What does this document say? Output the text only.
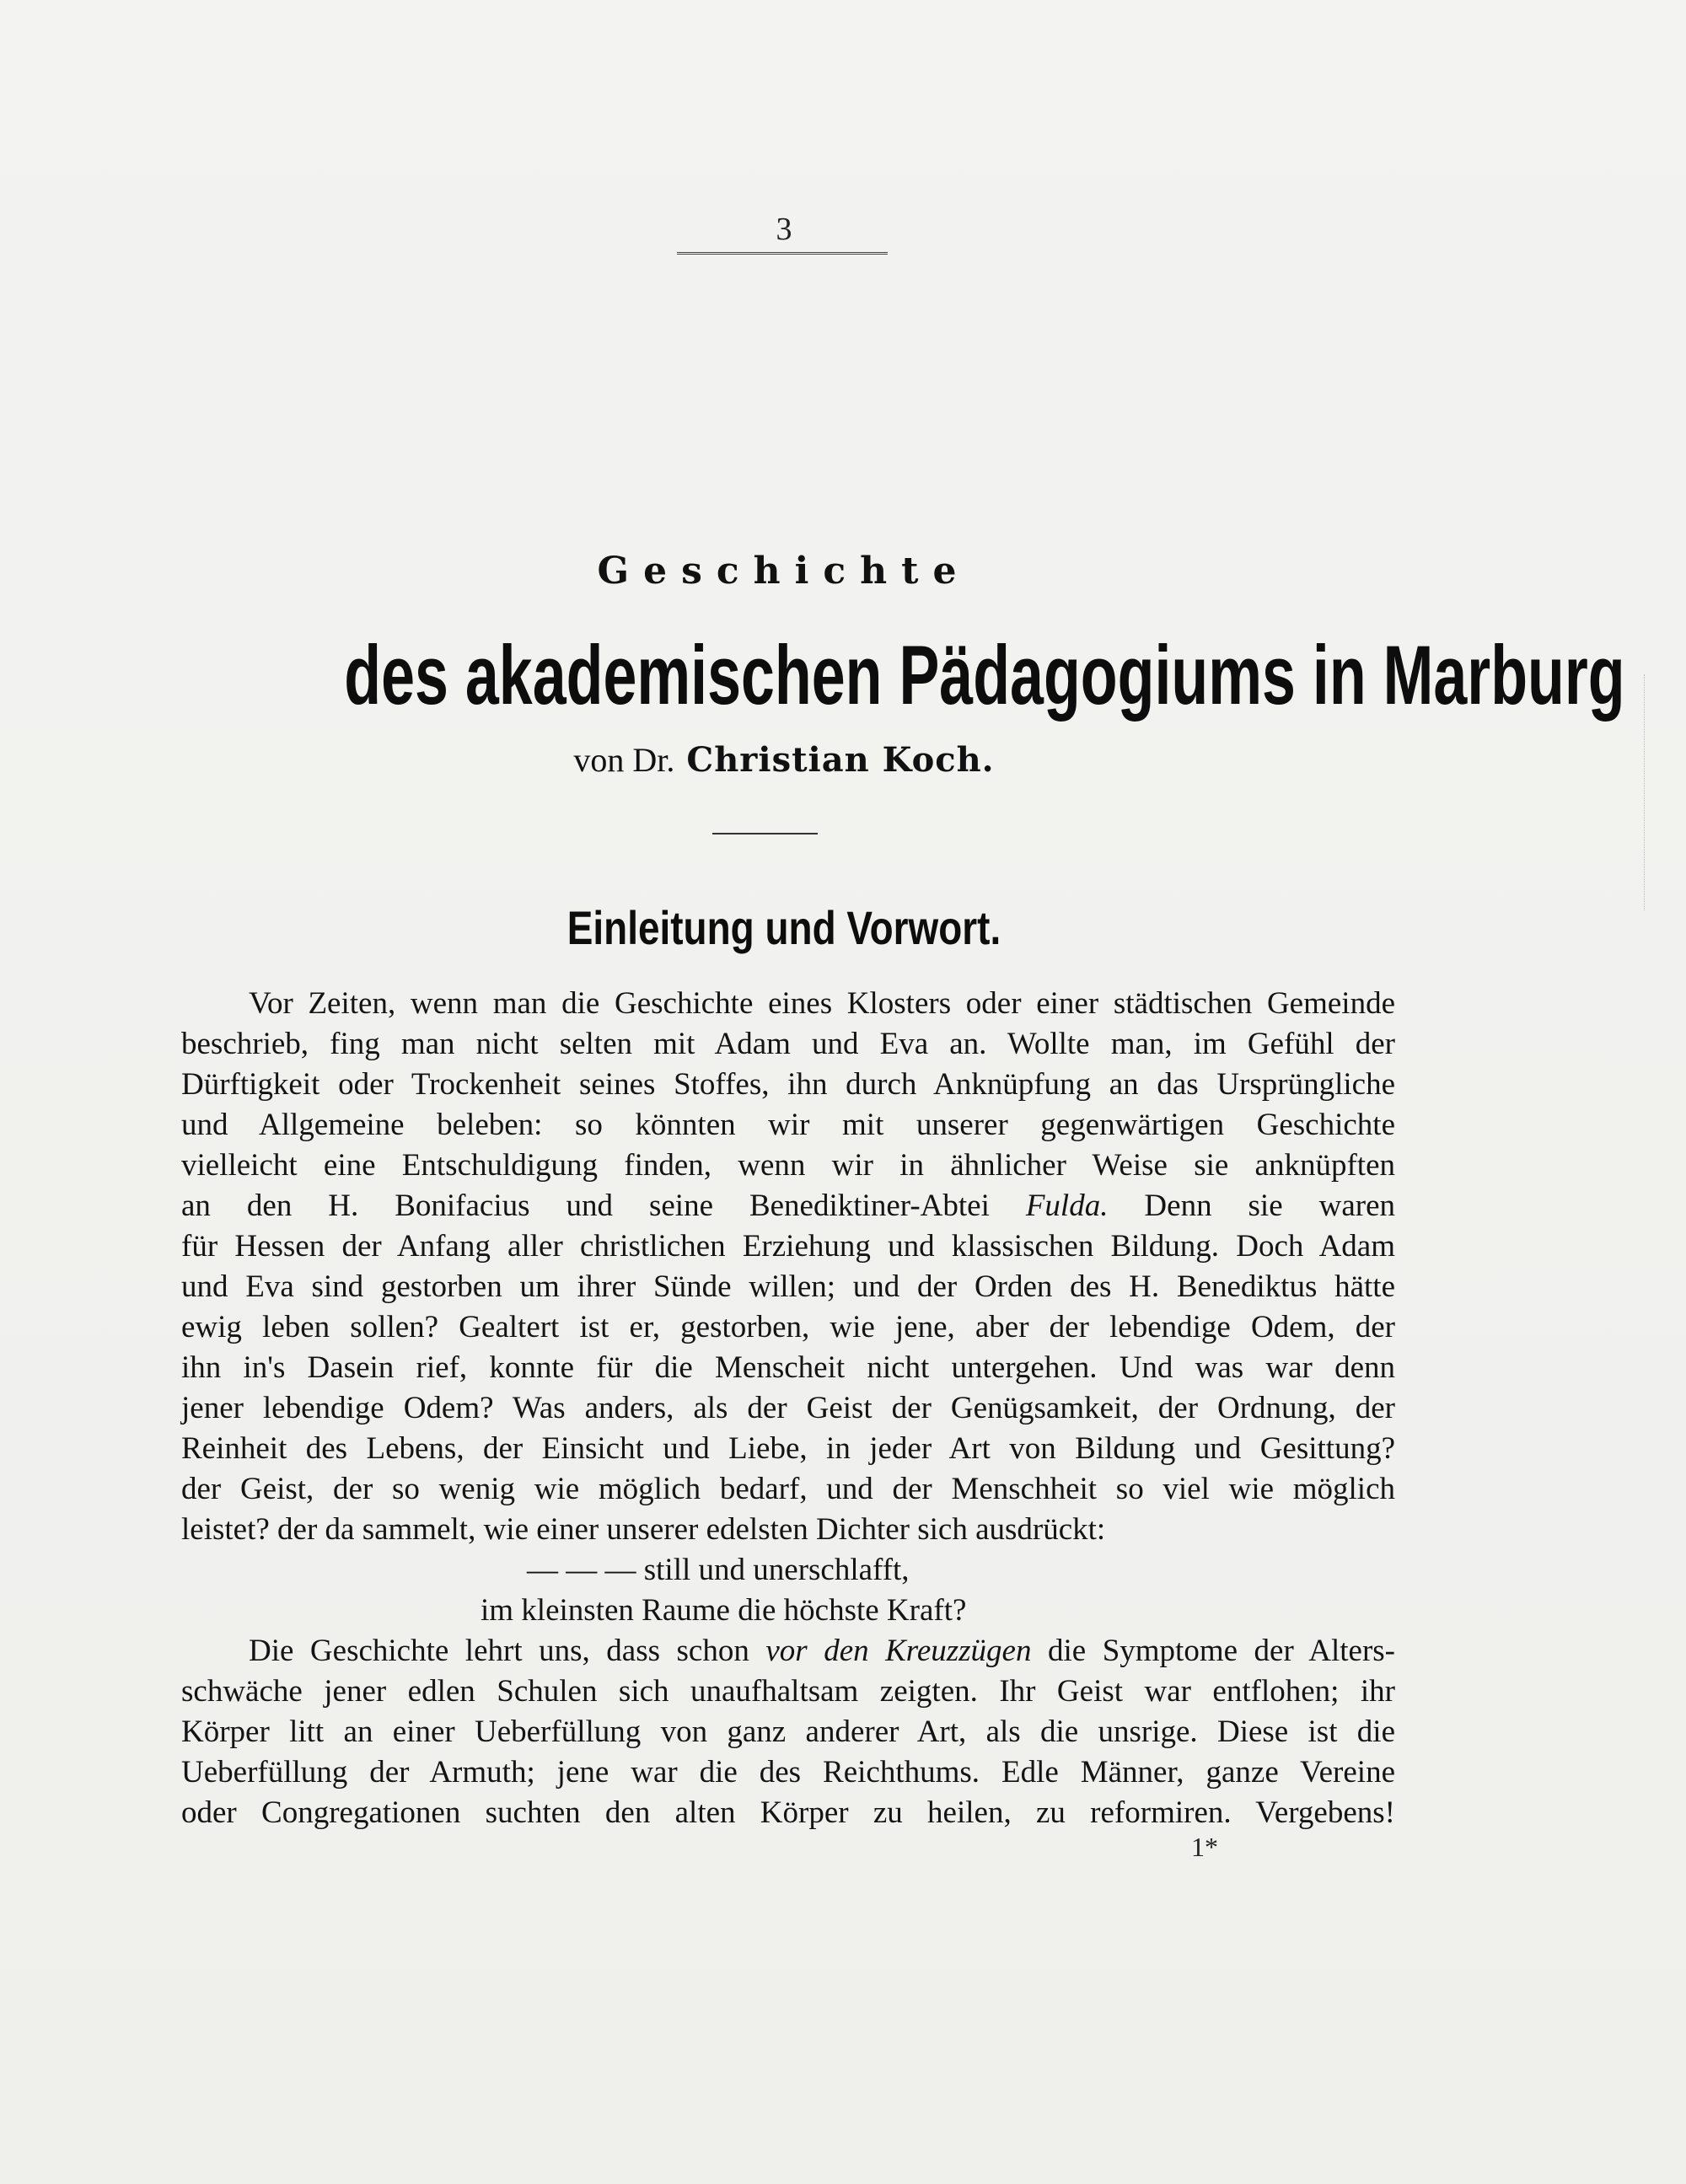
3
Geschichte
des akademischen Pädagogiums in Marburg
von Dr. Christian Koch.
Einleitung und Vorwort.
Vor Zeiten, wenn man die Geschichte eines Klosters oder einer städtischen Gemeinde
beschrieb, fing man nicht selten mit Adam und Eva an. Wollte man, im Gefühl der
Dürftigkeit oder Trockenheit seines Stoffes, ihn durch Anknüpfung an das Ursprüngliche
und Allgemeine beleben: so könnten wir mit unserer gegenwärtigen Geschichte
vielleicht eine Entschuldigung finden, wenn wir in ähnlicher Weise sie anknüpften
an den H. Bonifacius und seine Benediktiner-Abtei Fulda. Denn sie waren
für Hessen der Anfang aller christlichen Erziehung und klassischen Bildung. Doch Adam
und Eva sind gestorben um ihrer Sünde willen; und der Orden des H. Benediktus hätte
ewig leben sollen? Gealtert ist er, gestorben, wie jene, aber der lebendige Odem, der
ihn in's Dasein rief, konnte für die Menscheit nicht untergehen. Und was war denn
jener lebendige Odem? Was anders, als der Geist der Genügsamkeit, der Ordnung, der
Reinheit des Lebens, der Einsicht und Liebe, in jeder Art von Bildung und Gesittung?
der Geist, der so wenig wie möglich bedarf, und der Menschheit so viel wie möglich
leistet? der da sammelt, wie einer unserer edelsten Dichter sich ausdrückt:
— — — still und unerschlafft,
im kleinsten Raume die höchste Kraft?
Die Geschichte lehrt uns, dass schon vor den Kreuzzügen die Symptome der Alters-
schwäche jener edlen Schulen sich unaufhaltsam zeigten. Ihr Geist war entflohen; ihr
Körper litt an einer Ueberfüllung von ganz anderer Art, als die unsrige. Diese ist die
Ueberfüllung der Armuth; jene war die des Reichthums. Edle Männer, ganze Vereine
oder Congregationen suchten den alten Körper zu heilen, zu reformiren. Vergebens!
1*
